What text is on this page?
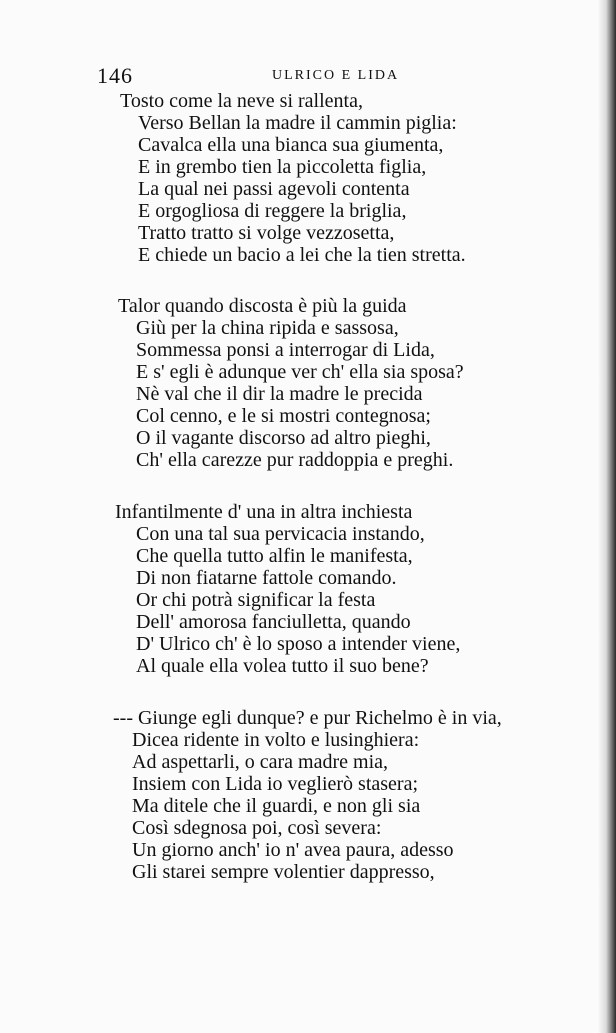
146	ULRICO E LIDA
Tosto come la neve si rallenta,
Verso Bellan la madre il cammin piglia:
Cavalca ella una bianca sua giumenta,
E in grembo tien la piccoletta figlia,
La qual nei passi agevoli contenta
E orgogliosa di reggere la briglia,
Tratto tratto si volge vezzosetta,
E chiede un bacio a lei che la tien stretta.
Talor quando discosta è più la guida
Giù per la china ripida e sassosa,
Sommessa ponsi a interrogar di Lida,
E s' egli è adunque ver ch' ella sia sposa?
Nè val che il dir la madre le precida
Col cenno, e le si mostri contegnosa;
O il vagante discorso ad altro pieghi,
Ch' ella carezze pur raddoppia e preghi.
Infantilmente d' una in altra inchiesta
Con una tal sua pervicacia instando,
Che quella tutto alfin le manifesta,
Di non fiatarne fattole comando.
Or chi potrà significar la festa
Dell' amorosa fanciulletta, quando
D' Ulrico ch' è lo sposo a intender viene,
Al quale ella volea tutto il suo bene?
--- Giunge egli dunque? e pur Richelmo è in via,
Dicea ridente in volto e lusinghiera:
Ad aspettarli, o cara madre mia,
Insiem con Lida io veglierò stasera;
Ma ditele che il guardi, e non gli sia
Così sdegnosa poi, così severa:
Un giorno anch' io n' avea paura, adesso
Gli starei sempre volentier dappresso,
